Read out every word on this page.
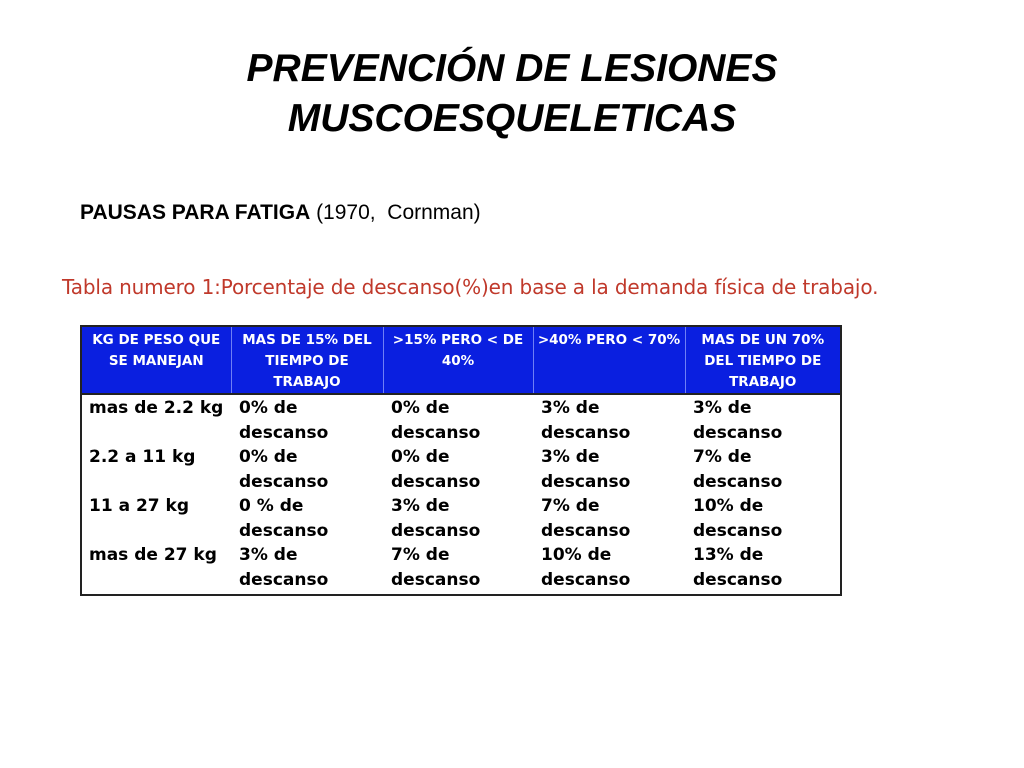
PREVENCIÓN DE LESIONES
MUSCOESQUELETICAS
PAUSAS PARA FATIGA (1970,  Cornman)
Tabla numero 1:Porcentaje de descanso(%)en base a la demanda física de trabajo.
KG DE PESO QUE SE MANEJAN	MAS DE 15% DEL TIEMPO DE TRABAJO	>15% PERO < DE 40%	>40% PERO < 70%	MAS DE UN 70% DEL TIEMPO DE TRABAJO

mas de 2.2 kg	0% de
descanso	0% de
descanso	3% de
descanso	3% de
descanso

2.2 a 11 kg	0% de
descanso	0% de
descanso	3% de
descanso	7% de
descanso

11 a 27 kg	0 % de
descanso	3% de
descanso	7% de
descanso	10% de
descanso

mas de 27 kg	3% de
descanso	7% de
descanso	10% de
descanso	13% de
descanso
